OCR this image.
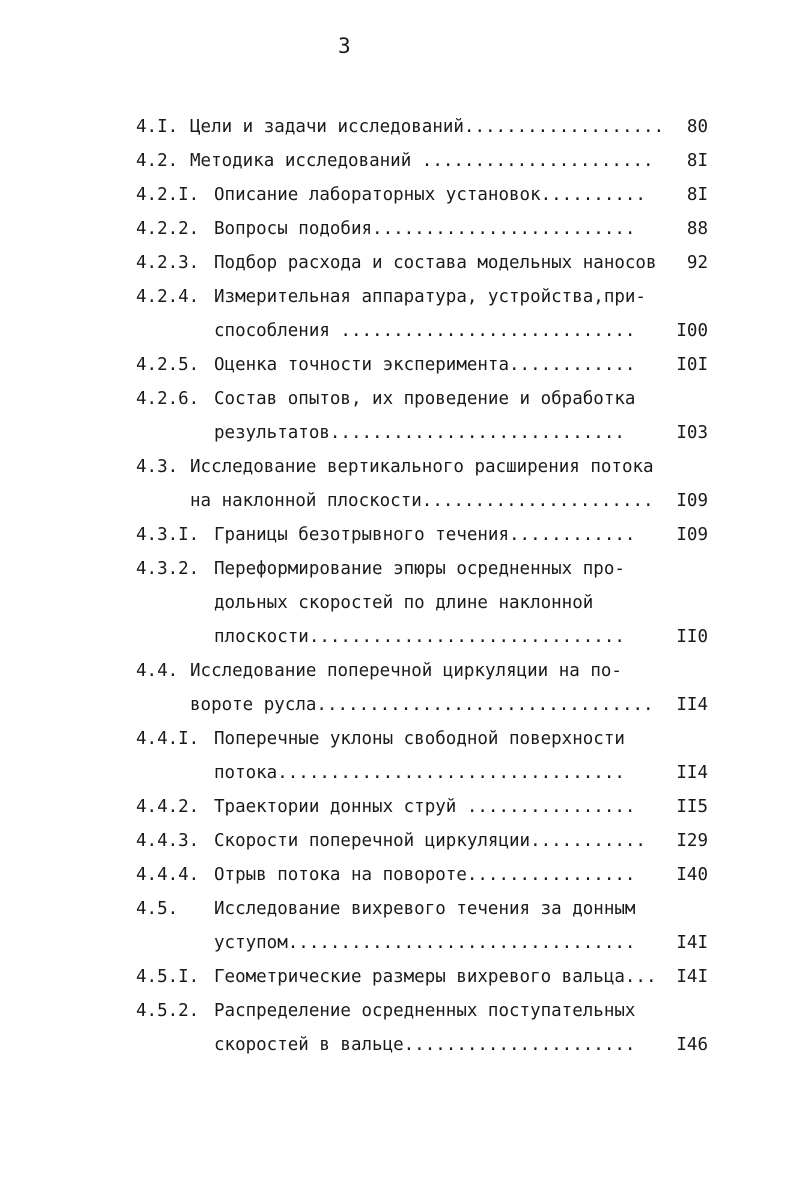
3
4.I. Цели и задачи исследований................... 80
4.2. Методика исследований ...................... 8I
4.2.I. Описание лабораторных установок.......... 8I
4.2.2. Вопросы подобия.........................	88
4.2.3. Подбор расхода и состава модельных наносов 92
4.2.4. Измерительная аппаратура, устройства,при-
способления ............................ I00
4.2.5. Оценка точности эксперимента............ I0I
4.2.6. Состав опытов, их проведение и обработка
результатов............................	I03
4.3. Исследование вертикального расширения потока
на наклонной плоскости...................... I09
4.3.I. Границы безотрывного течения............ I09
4.3.2. Переформирование эпюры осредненных про-
дольных скоростей по длине наклонной
плоскости..............................	II0
4.4. Исследование поперечной циркуляции на по-
вороте русла................................ II4
4.4.I. Поперечные уклоны свободной поверхности
потока.................................	II4
4.4.2. Траектории донных струй ................ II5
4.4.3. Скорости поперечной циркуляции........... I29
4.4.4. Отрыв потока на повороте................ I40
4.5. Исследование вихревого течения за донным
уступом................................. I4I
4.5.I. Геометрические размеры вихревого вальца... I4I
4.5.2. Распределение осредненных поступательных
скоростей в вальце...................... I46
